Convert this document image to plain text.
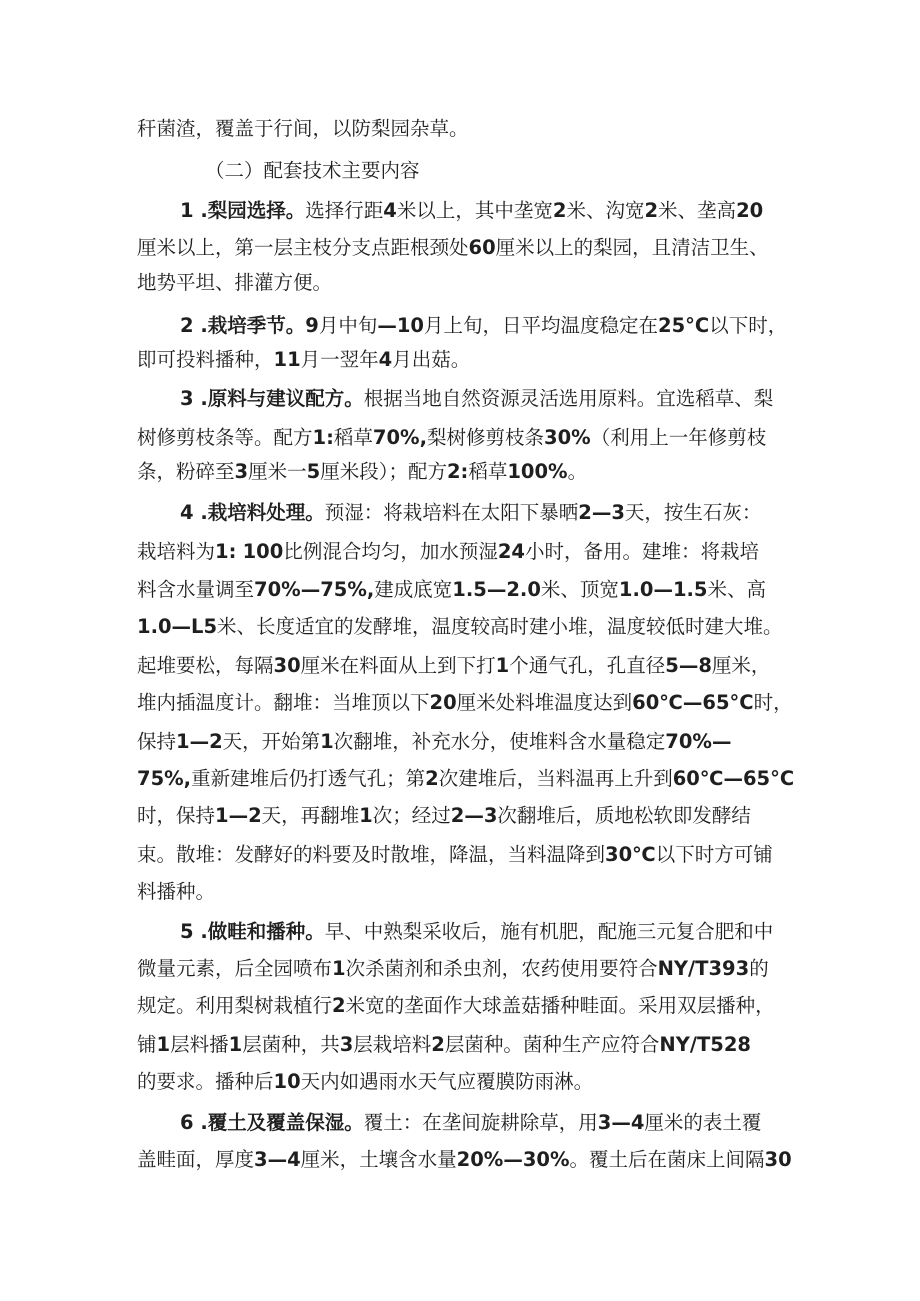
秆菌渣，覆盖于行间，以防梨园杂草。
（二）配套技术主要内容
1 .梨园选择。选择行距4米以上，其中垄宽2米、沟宽2米、垄高20
厘米以上，第一层主枝分支点距根颈处60厘米以上的梨园，且清洁卫生、
地势平坦、排灌方便。
2 .栽培季节。9月中旬—10月上旬，日平均温度稳定在25°C以下时，
即可投料播种，11月一翌年4月出菇。
3 .原料与建议配方。根据当地自然资源灵活选用原料。宜选稻草、梨
树修剪枝条等。配方1:稻草70%,梨树修剪枝条30%（利用上一年修剪枝
条，粉碎至3厘米一5厘米段）；配方2:稻草100%。
4 .栽培料处理。预湿：将栽培料在太阳下暴晒2—3天，按生石灰：
栽培料为1: 100比例混合均匀，加水预湿24小时，备用。建堆：将栽培
料含水量调至70%—75%,建成底宽1.5—2.0米、顶宽1.0—1.5米、高
1.0—L5米、长度适宜的发酵堆，温度较高时建小堆，温度较低时建大堆。
起堆要松，每隔30厘米在料面从上到下打1个通气孔，孔直径5—8厘米，
堆内插温度计。翻堆：当堆顶以下20厘米处料堆温度达到60℃—65°C时，
保持1—2天，开始第1次翻堆，补充水分，使堆料含水量稳定70%—
75%,重新建堆后仍打透气孔；第2次建堆后，当料温再上升到60℃—65°C
时，保持1—2天，再翻堆1次；经过2—3次翻堆后，质地松软即发酵结
束。散堆：发酵好的料要及时散堆，降温，当料温降到30℃以下时方可铺
料播种。
5 .做畦和播种。早、中熟梨采收后，施有机肥，配施三元复合肥和中
微量元素，后全园喷布1次杀菌剂和杀虫剂，农药使用要符合NY/T393的
规定。利用梨树栽植行2米宽的垄面作大球盖菇播种畦面。采用双层播种，
铺1层料播1层菌种，共3层栽培料2层菌种。菌种生产应符合NY/T528
的要求。播种后10天内如遇雨水天气应覆膜防雨淋。
6 .覆土及覆盖保湿。覆土：在垄间旋耕除草，用3—4厘米的表土覆
盖畦面，厚度3—4厘米，土壤含水量20%—30%。覆土后在菌床上间隔30
